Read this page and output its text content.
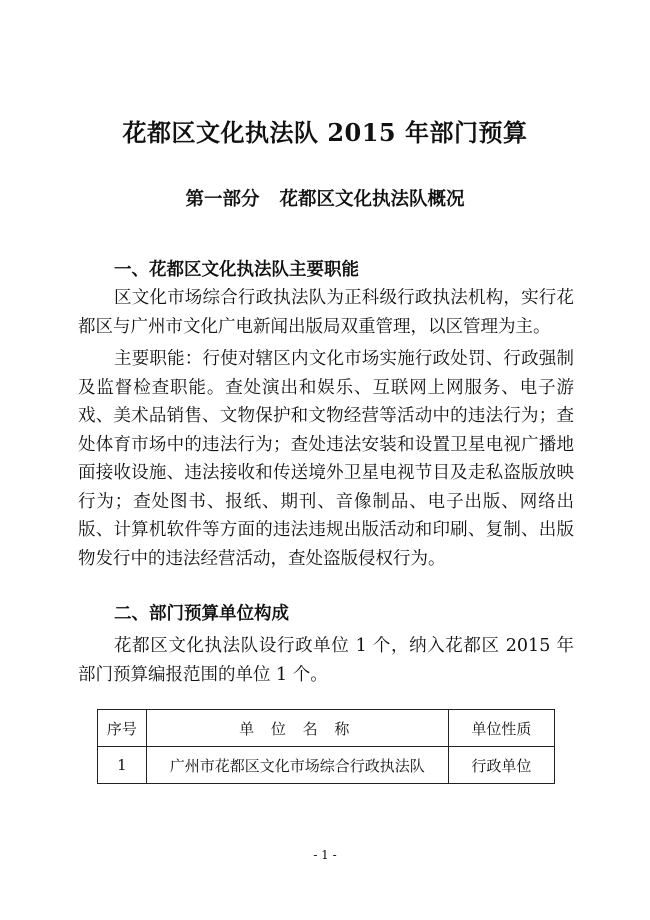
花都区文化执法队 2015 年部门预算
第一部分 花都区文化执法队概况
一、花都区文化执法队主要职能

区文化市场综合行政执法队为正科级行政执法机构，实行花都区与广州市文化广电新闻出版局双重管理，以区管理为主。

主要职能：行使对辖区内文化市场实施行政处罚、行政强制及监督检查职能。查处演出和娱乐、互联网上网服务、电子游戏、美术品销售、文物保护和文物经营等活动中的违法行为；查处体育市场中的违法行为；查处违法安装和设置卫星电视广播地面接收设施、违法接收和传送境外卫星电视节目及走私盗版放映行为；查处图书、报纸、期刊、音像制品、电子出版、网络出版、计算机软件等方面的违法违规出版活动和印刷、复制、出版物发行中的违法经营活动，查处盗版侵权行为。

二、部门预算单位构成

花都区文化执法队设行政单位 1 个，纳入花都区 2015 年部门预算编报范围的单位 1 个。

序号	单 位 名 称	单位性质
1	广州市花都区文化市场综合行政执法队	行政单位

- 1 -
